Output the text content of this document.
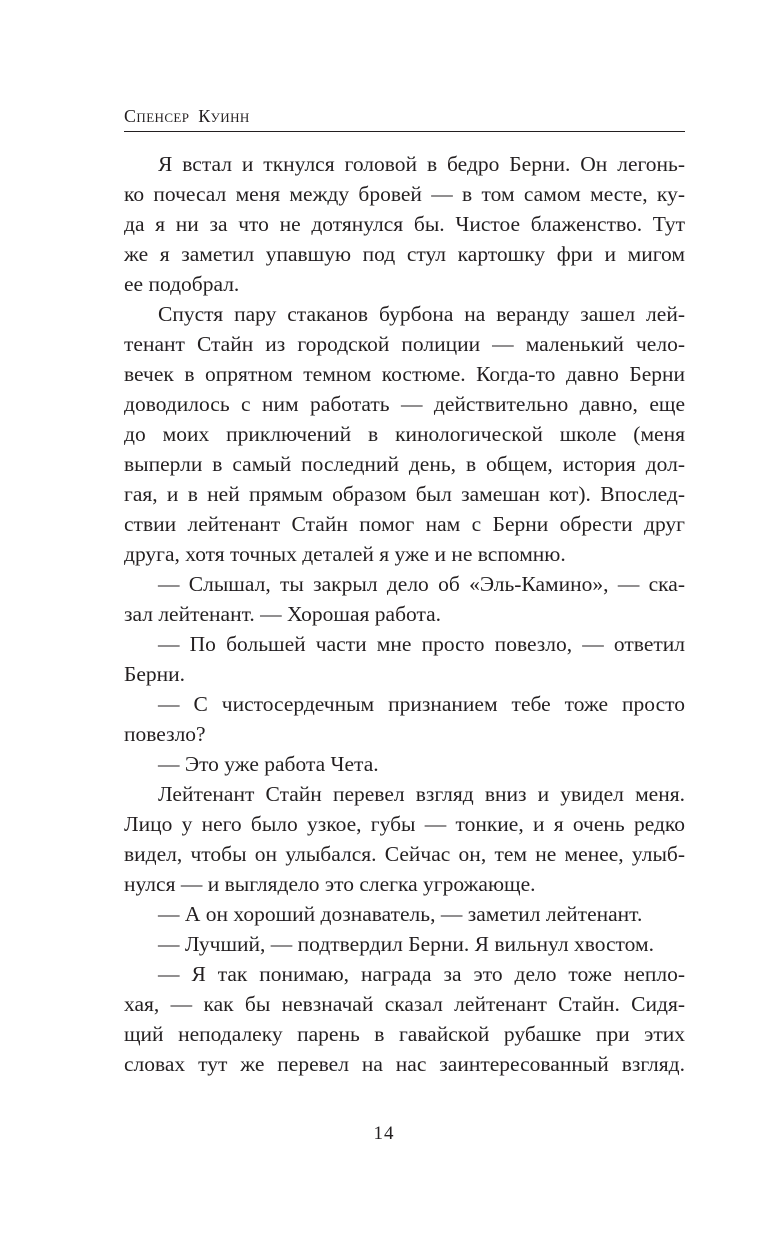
Спенсер Куинн
Я встал и ткнулся головой в бедро Берни. Он легонь-
ко почесал меня между бровей — в том самом месте, ку-
да я ни за что не дотянулся бы. Чистое блаженство. Тут
же я заметил упавшую под стул картошку фри и мигом
ее подобрал.
Спустя пару стаканов бурбона на веранду зашел лей-
тенант Стайн из городской полиции — маленький чело-
вечек в опрятном темном костюме. Когда-то давно Берни
доводилось с ним работать — действительно давно, еще
до моих приключений в кинологической школе (меня
выперли в самый последний день, в общем, история дол-
гая, и в ней прямым образом был замешан кот). Впослед-
ствии лейтенант Стайн помог нам с Берни обрести друг
друга, хотя точных деталей я уже и не вспомню.
— Слышал, ты закрыл дело об «Эль-Камино», — ска-
зал лейтенант. — Хорошая работа.
— По большей части мне просто повезло, — ответил
Берни.
— С чистосердечным признанием тебе тоже просто
повезло?
— Это уже работа Чета.
Лейтенант Стайн перевел взгляд вниз и увидел меня.
Лицо у него было узкое, губы — тонкие, и я очень редко
видел, чтобы он улыбался. Сейчас он, тем не менее, улыб-
нулся — и выглядело это слегка угрожающе.
— А он хороший дознаватель, — заметил лейтенант.
— Лучший, — подтвердил Берни. Я вильнул хвостом.
— Я так понимаю, награда за это дело тоже непло-
хая, — как бы невзначай сказал лейтенант Стайн. Сидя-
щий неподалеку парень в гавайской рубашке при этих
словах тут же перевел на нас заинтересованный взгляд.
14
